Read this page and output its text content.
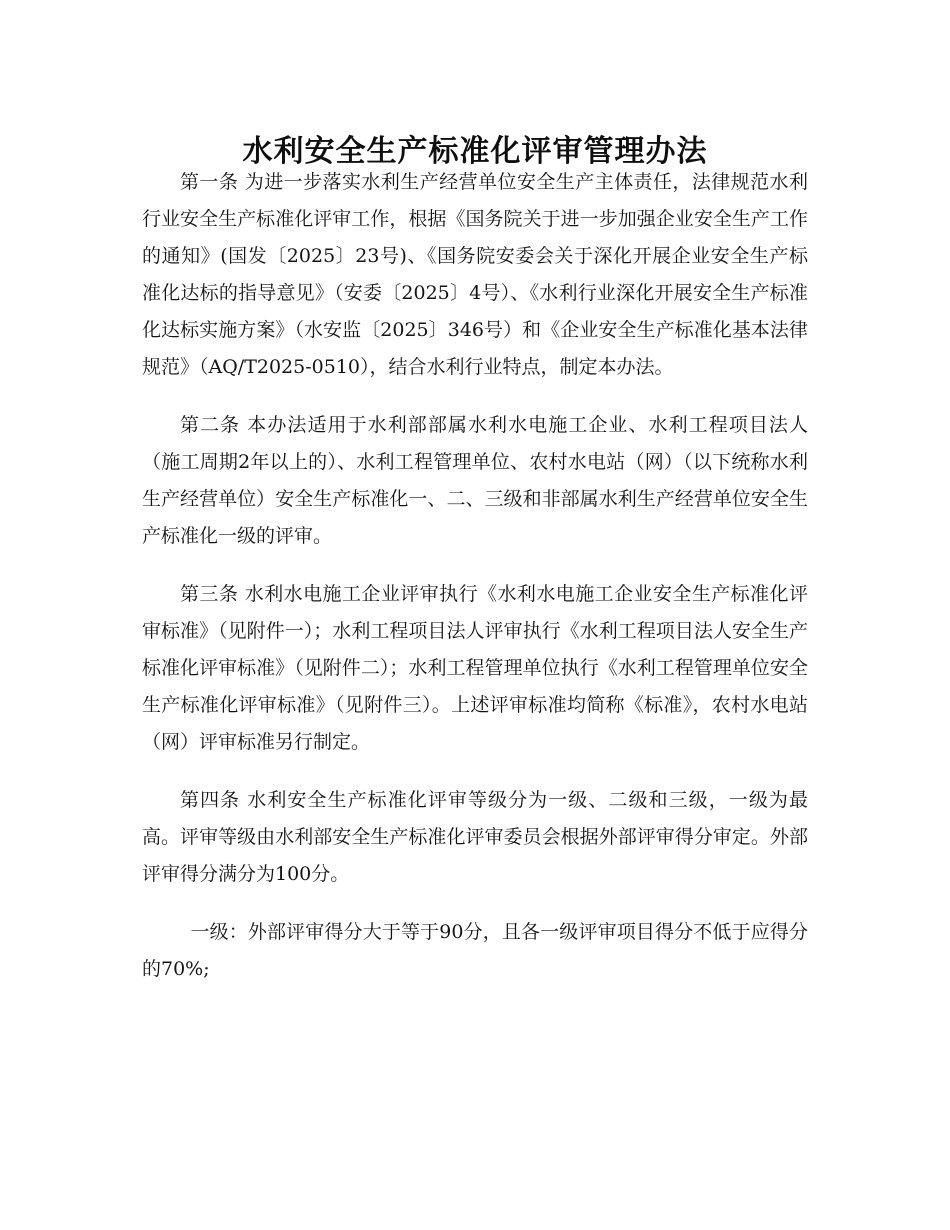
水利安全生产标准化评审管理办法

第一条 为进一步落实水利生产经营单位安全生产主体责任，法律规范水利行业安全生产标准化评审工作，根据《国务院关于进一步加强企业安全生产工作的通知》(国发〔2025〕23号)、《国务院安委会关于深化开展企业安全生产标准化达标的指导意见》（安委〔2025〕4号）、《水利行业深化开展安全生产标准化达标实施方案》（水安监〔2025〕346号）和《企业安全生产标准化基本法律规范》（AQ/T2025-0510），结合水利行业特点，制定本办法。

第二条 本办法适用于水利部部属水利水电施工企业、水利工程项目法人（施工周期2年以上的）、水利工程管理单位、农村水电站（网）（以下统称水利生产经营单位）安全生产标准化一、二、三级和非部属水利生产经营单位安全生产标准化一级的评审。

第三条 水利水电施工企业评审执行《水利水电施工企业安全生产标准化评审标准》（见附件一）；水利工程项目法人评审执行《水利工程项目法人安全生产标准化评审标准》（见附件二）；水利工程管理单位执行《水利工程管理单位安全生产标准化评审标准》（见附件三）。上述评审标准均简称《标准》，农村水电站（网）评审标准另行制定。

第四条 水利安全生产标准化评审等级分为一级、二级和三级，一级为最高。评审等级由水利部安全生产标准化评审委员会根据外部评审得分审定。外部评审得分满分为100分。

一级：外部评审得分大于等于90分，且各一级评审项目得分不低于应得分的70%;
